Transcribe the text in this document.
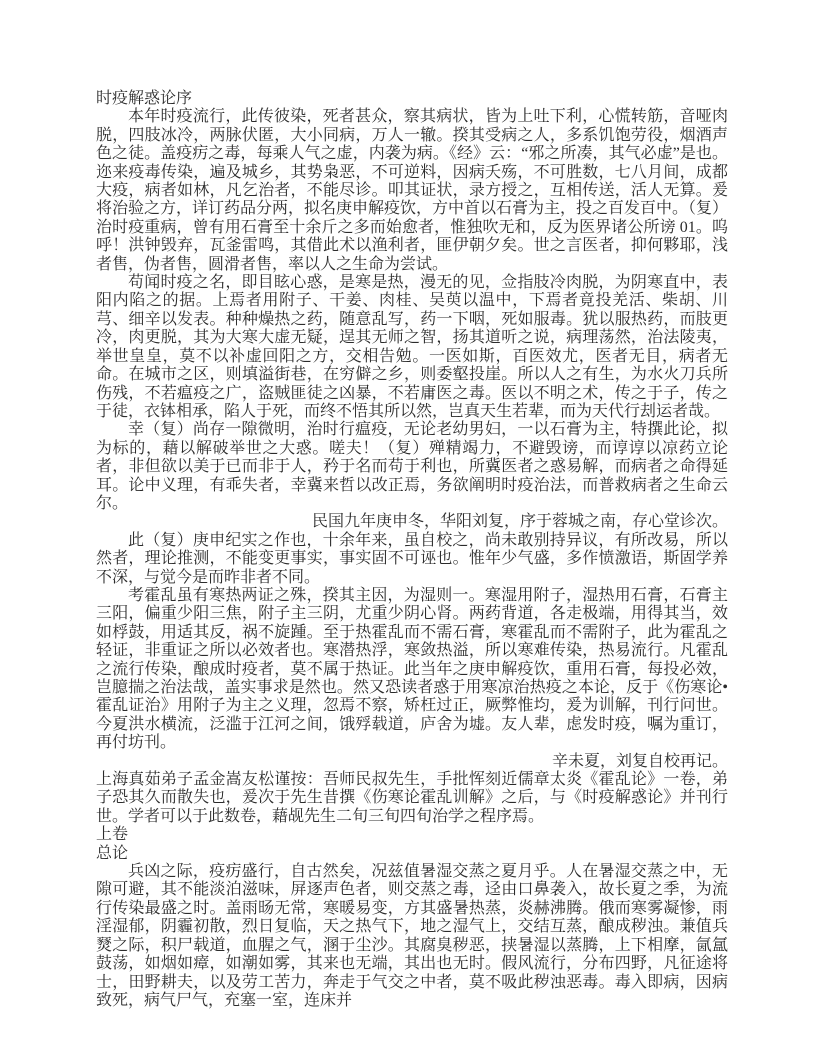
时疫解惑论序

本年时疫流行，此传彼染，死者甚众，察其病状，皆为上吐下利，心慌转筋，音哑肉脱，四肢冰冷，两脉伏匿，大小同病，万人一辙。揆其受病之人，多系饥饱劳役，烟酒声色之徒。盖疫疠之毒，每乘人气之虚，内袭为病。《经》云：“邪之所凑，其气必虚”是也。迩来疫毒传染，遍及城乡，其势枭恶，不可逆料，因病夭殇，不可胜数，七八月间，成都大疫，病者如林，凡乞治者，不能尽诊。叩其证状，录方授之，互相传送，活人无算。爰将治验之方，详订药品分两，拟名庚申解疫饮，方中首以石膏为主，投之百发百中。（复）治时疫重病，曾有用石膏至十余斤之多而始愈者，惟独吹无和，反为医界诸公所谤 01。呜呼！洪钟毁弃，瓦釜雷鸣，其借此术以渔利者，匪伊朝夕矣。世之言医者，抑何夥耶，浅者售，伪者售，圆滑者售，率以人之生命为尝试。

苟闻时疫之名，即目眩心惑，是寒是热，漫无的见，佥指肢冷肉脱，为阴寒直中，表阳内陷之的据。上焉者用附子、干姜、肉桂、吴萸以温中，下焉者竟投羌活、柴胡、川芎、细辛以发表。种种燥热之药，随意乱写，药一下咽，死如服毒。犹以服热药，而肢更冷，肉更脱，其为大寒大虚无疑，逞其无师之智，扬其道听之说，病理荡然，治法陵夷，举世皇皇，莫不以补虚回阳之方，交相告勉。一医如斯，百医效尤，医者无目，病者无命。在城市之区，则填溢街巷，在穷僻之乡，则委壑投崖。所以人之有生，为水火刀兵所伤残，不若瘟疫之广，盗贼匪徒之凶暴，不若庸医之毒。医以不明之术，传之于子，传之于徒，衣钵相承，陷人于死，而终不悟其所以然，岂真天生若辈，而为天代行刦运者哉。

幸（复）尚存一隙微明，治时行瘟疫，无论老幼男妇，一以石膏为主，特撰此论，拟为标的，藉以解破举世之大惑。嗟夫！（复）殚精竭力，不避毁谤，而谆谆以凉药立论者，非但欲以美于已而非于人，矜于名而苟于利也，所冀医者之惑易解，而病者之命得延耳。论中义理，有乖失者，幸冀来哲以改正焉，务欲阐明时疫治法，而普救病者之生命云尔。

民国九年庚申冬，华阳刘复，序于蓉城之南，存心堂诊次。

此（复）庚申纪实之作也，十余年来，虽自校之，尚未敢别持异议，有所改易，所以然者，理论推测，不能变更事实，事实固不可诬也。惟年少气盛，多作愤激语，斯固学养不深，与觉今是而昨非者不同。

考霍乱虽有寒热两证之殊，揆其主因，为湿则一。寒湿用附子，湿热用石膏，石膏主三阳，偏重少阳三焦，附子主三阴，尤重少阴心肾。两药背道，各走极端，用得其当，效如桴鼓，用适其反，祸不旋踵。至于热霍乱而不需石膏，寒霍乱而不需附子，此为霍乱之轻证，非重证之所以必效者也。寒潜热浮，寒敛热溢，所以寒难传染，热易流行。凡霍乱之流行传染，酿成时疫者，莫不属于热证。此当年之庚申解疫饮，重用石膏，每投必效，岂臆揣之治法哉，盖实事求是然也。然又恐读者惑于用寒凉治热疫之本论，反于《伤寒论•霍乱证治》用附子为主之义理，忽焉不察，矫枉过正，厥弊惟均，爰为训解，刊行问世。今夏洪水横流，泛滥于江河之间，饿殍载道，庐舍为墟。友人辈，虑发时疫，嘱为重订，再付坊刊。

辛未夏，刘复自校再记。

上海真茹弟子孟金嵩友松谨按：吾师民叔先生，手批恽刻近儒章太炎《霍乱论》一卷，弟子恐其久而散失也，爰次于先生昔撰《伤寒论霍乱训解》之后，与《时疫解惑论》并刊行世。学者可以于此数卷，藉觇先生二旬三旬四旬治学之程序焉。

上卷

总论

兵凶之际，疫疠盛行，自古然矣，况兹值暑湿交蒸之夏月乎。人在暑湿交蒸之中，无隙可避，其不能淡泊滋味，屏逐声色者，则交蒸之毒，迳由口鼻袭入，故长夏之季，为流行传染最盛之时。盖雨旸无常，寒暖易变，方其盛暑热蒸，炎赫沸腾。俄而寒雾凝惨，雨淫湿郁，阴霾初散，烈日复临，天之热气下，地之湿气上，交结互蒸，酿成秽浊。兼值兵燹之际，积尸载道，血腥之气，溷于尘沙。其腐臭秽恶，挟暑湿以蒸腾，上下相摩，氤氲鼓荡，如烟如瘴，如潮如雾，其来也无端，其出也无时。假风流行，分布四野，凡征途将士，田野耕夫，以及劳工苦力，奔走于气交之中者，莫不吸此秽浊恶毒。毒入即病，因病致死，病气尸气，充塞一室，连床并
